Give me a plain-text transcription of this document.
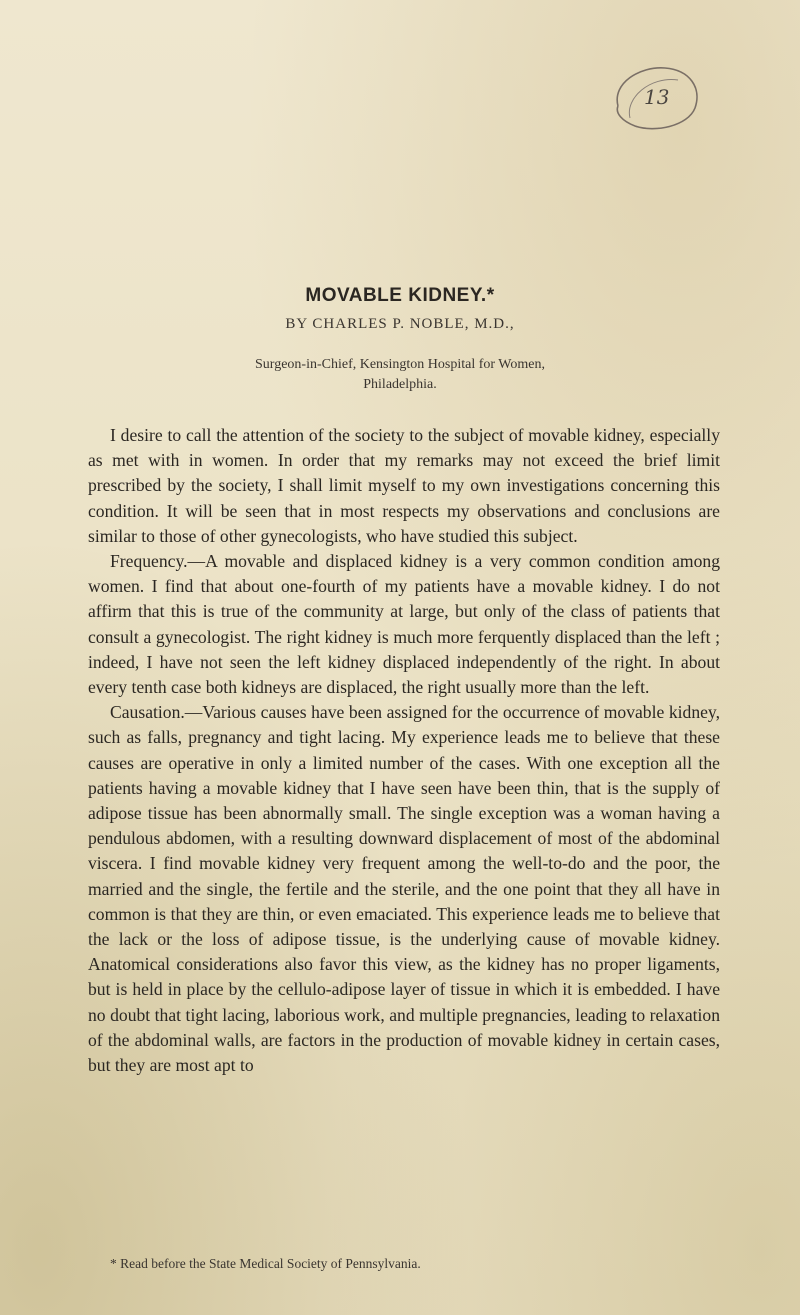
13
MOVABLE KIDNEY.*
BY CHARLES P. NOBLE, M.D.,
Surgeon-in-Chief, Kensington Hospital for Women,
Philadelphia.

I desire to call the attention of the society to the subject of movable kidney, especially as met with in women. In order that my remarks may not exceed the brief limit prescribed by the society, I shall limit myself to my own investigations concerning this condition. It will be seen that in most respects my observations and conclusions are similar to those of other gynecologists, who have studied this subject.

Frequency.—A movable and displaced kidney is a very common condition among women. I find that about one-fourth of my patients have a movable kidney. I do not affirm that this is true of the community at large, but only of the class of patients that consult a gynecologist. The right kidney is much more ferquently displaced than the left ; indeed, I have not seen the left kidney displaced independently of the right. In about every tenth case both kidneys are displaced, the right usually more than the left.

Causation.—Various causes have been assigned for the occurrence of movable kidney, such as falls, pregnancy and tight lacing. My experience leads me to believe that these causes are operative in only a limited number of the cases. With one exception all the patients having a movable kidney that I have seen have been thin, that is the supply of adipose tissue has been abnormally small. The single exception was a woman having a pendulous abdomen, with a resulting downward displacement of most of the abdominal viscera. I find movable kidney very frequent among the well-to-do and the poor, the married and the single, the fertile and the sterile, and the one point that they all have in common is that they are thin, or even emaciated. This experience leads me to believe that the lack or the loss of adipose tissue, is the underlying cause of movable kidney. Anatomical considerations also favor this view, as the kidney has no proper ligaments, but is held in place by the cellulo-adipose layer of tissue in which it is embedded. I have no doubt that tight lacing, laborious work, and multiple pregnancies, leading to relaxation of the abdominal walls, are factors in the production of movable kidney in certain cases, but they are most apt to

* Read before the State Medical Society of Pennsylvania.
